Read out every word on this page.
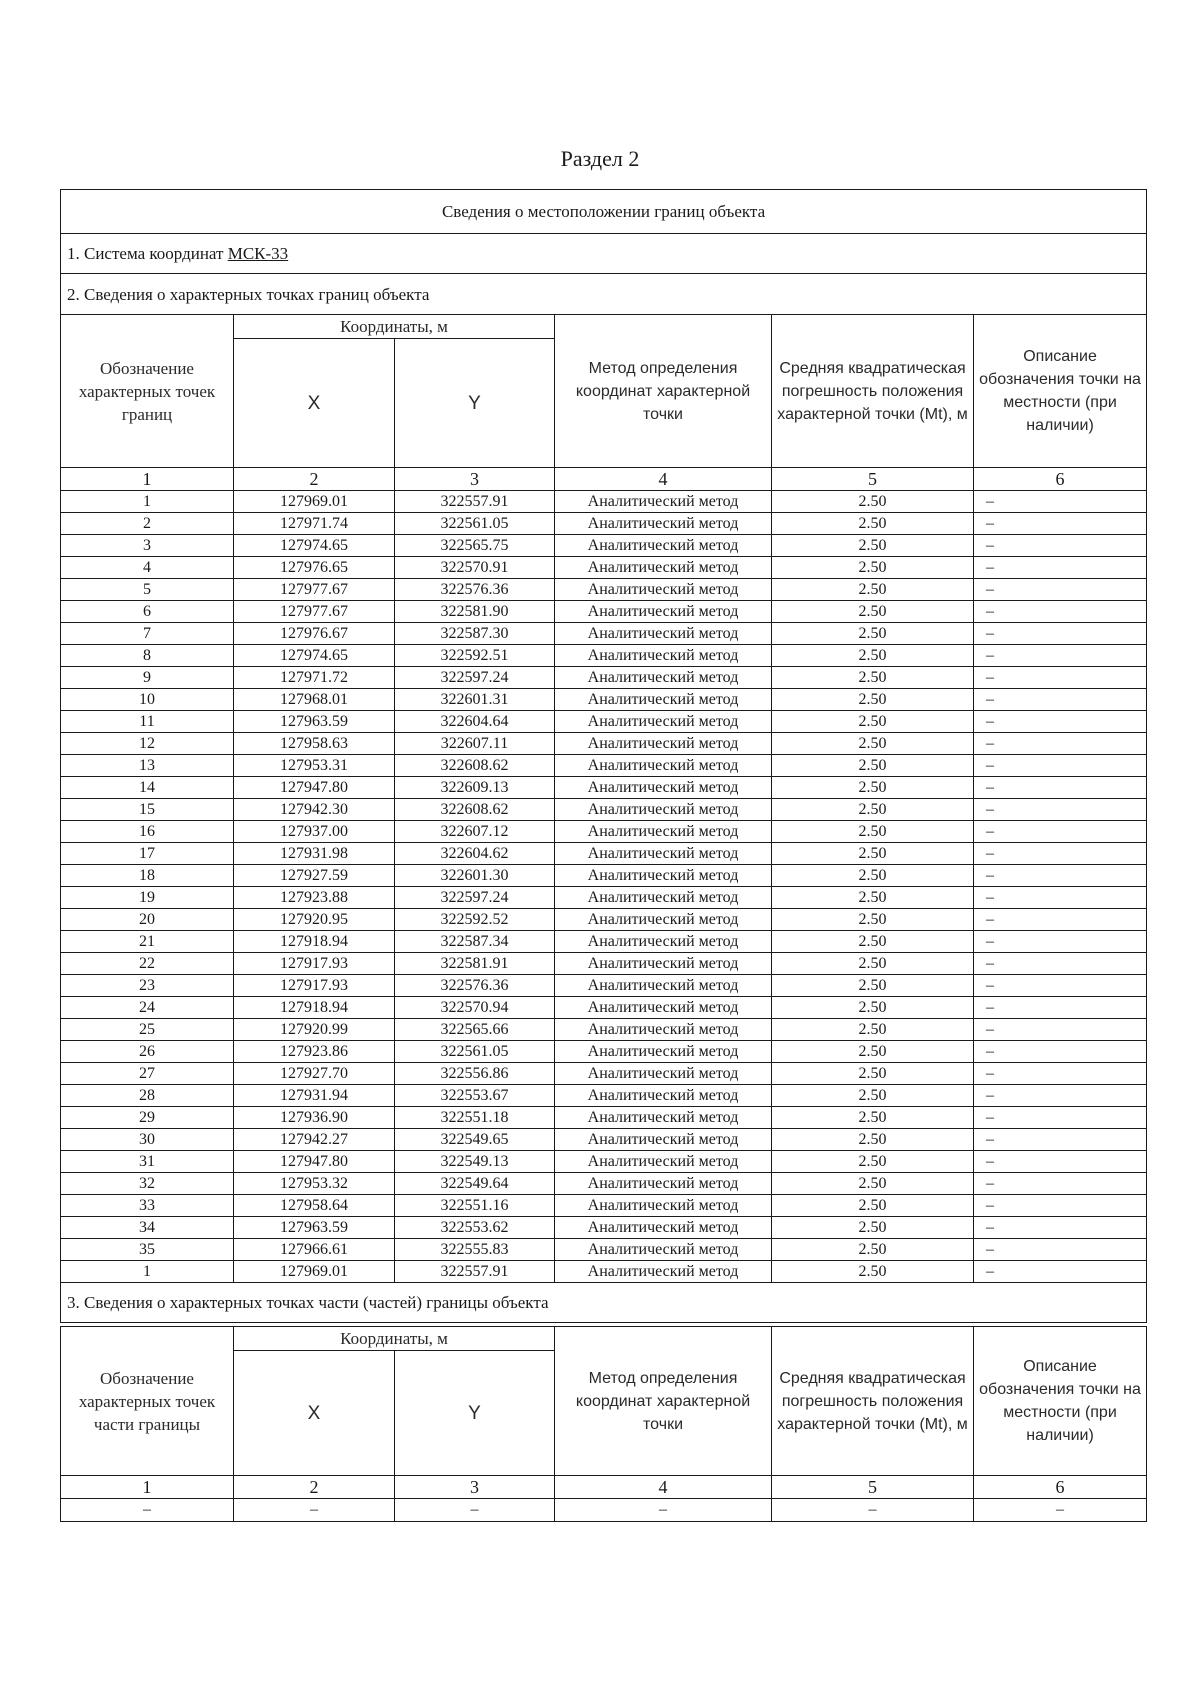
Раздел 2
Сведения о местоположении границ объекта					
1. Система координат МСК-33					
2. Сведения о характерных точках границ объекта					
Обозначение характерных точек границ	Координаты, м		Метод определения координат характерной точки	Средняя квадратическая погрешность положения характерной точки (Mt), м	Описание обозначения точки на местности (при наличии)
	X	Y			
1	2	3	4	5	6
1	127969.01	322557.91	Аналитический метод	2.50	–
2	127971.74	322561.05	Аналитический метод	2.50	–
3	127974.65	322565.75	Аналитический метод	2.50	–
4	127976.65	322570.91	Аналитический метод	2.50	–
5	127977.67	322576.36	Аналитический метод	2.50	–
6	127977.67	322581.90	Аналитический метод	2.50	–
7	127976.67	322587.30	Аналитический метод	2.50	–
8	127974.65	322592.51	Аналитический метод	2.50	–
9	127971.72	322597.24	Аналитический метод	2.50	–
10	127968.01	322601.31	Аналитический метод	2.50	–
11	127963.59	322604.64	Аналитический метод	2.50	–
12	127958.63	322607.11	Аналитический метод	2.50	–
13	127953.31	322608.62	Аналитический метод	2.50	–
14	127947.80	322609.13	Аналитический метод	2.50	–
15	127942.30	322608.62	Аналитический метод	2.50	–
16	127937.00	322607.12	Аналитический метод	2.50	–
17	127931.98	322604.62	Аналитический метод	2.50	–
18	127927.59	322601.30	Аналитический метод	2.50	–
19	127923.88	322597.24	Аналитический метод	2.50	–
20	127920.95	322592.52	Аналитический метод	2.50	–
21	127918.94	322587.34	Аналитический метод	2.50	–
22	127917.93	322581.91	Аналитический метод	2.50	–
23	127917.93	322576.36	Аналитический метод	2.50	–
24	127918.94	322570.94	Аналитический метод	2.50	–
25	127920.99	322565.66	Аналитический метод	2.50	–
26	127923.86	322561.05	Аналитический метод	2.50	–
27	127927.70	322556.86	Аналитический метод	2.50	–
28	127931.94	322553.67	Аналитический метод	2.50	–
29	127936.90	322551.18	Аналитический метод	2.50	–
30	127942.27	322549.65	Аналитический метод	2.50	–
31	127947.80	322549.13	Аналитический метод	2.50	–
32	127953.32	322549.64	Аналитический метод	2.50	–
33	127958.64	322551.16	Аналитический метод	2.50	–
34	127963.59	322553.62	Аналитический метод	2.50	–
35	127966.61	322555.83	Аналитический метод	2.50	–
1	127969.01	322557.91	Аналитический метод	2.50	–
3. Сведения о характерных точках части (частей) границы объекта					
Обозначение характерных точек части границы	Координаты, м		Метод определения координат характерной точки	Средняя квадратическая погрешность положения характерной точки (Mt), м	Описание обозначения точки на местности (при наличии)
	X	Y			
1	2	3	4	5	6
–	–	–	–	–	–
